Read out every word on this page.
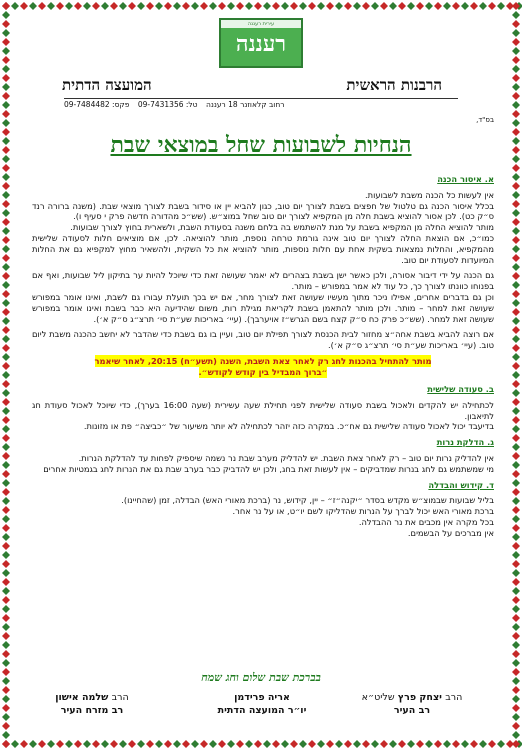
עירית רעננה
רעננה
הרבנות הראשית
המועצה הדתית
רחוב קלאוזנר 18 רעננה טל: 09-7431356 פקס: 09-7484482
בס"ד,
הנחיות לשבועות שחל במוצאי שבת

א. איסור הכנה

אין לעשות כל הכנה משבת לשבועות.

בכלל איסור הכנה גם טלטול של חפצים בשבת לצורך יום טוב, כגון להביא יין או סידור בשבת לצורך מוצאי שבת. (משנה ברורה רנד ס״ק כט). לכן אסור להוציא בשבת חלה מן המקפיא לצורך יום טוב שחל במוצ״ש. (שש״כ מהדורה חדשה פרק י סעיף ו).

מותר להוציא החלה מן המקפיא בשבת על מנת להשתמש בה בלחם משנה בסעודת השבת, ולשארית בחוץ לצורך שבועות.

כמו״כ, אם הוצאת החלה לצורך יום טוב אינה גורמת טרחה נוספת, מותר להוציאה. לכן, אם מוציאים חלות לסעודה שלישית מהמקפיא, והחלות נמצאות בשקית אחת עם חלות נוספות, מותר להוציא את כל השקית, ולהשאיר מחוץ למקפיא גם את החלות המיועדות לסעודת יום טוב.

גם הכנה על ידי דיבור אסורה, ולכן כאשר ישן בשבת בצהרים לא יאמר שעושה זאת כדי שיוכל להיות ער בתיקון ליל שבועות, ואף אם בפנוחו כוונתו לצורך כך, כל עוד לא אמר במפורש – מותר.

וכן גם בדברים אחרים, אפילו ניכר מתוך מעשיו שעושה זאת לצורך מחר, אם יש בכך תועלת עבורו גם לשבת, ואינו אומר במפורש שעושה זאת למחר – מותר. ולכן מותר להתאמן בשבת לקריאת מגילת רות, משום שהידיעה היא כבר בשבת ואינו אומר במפורש שעושה זאת למחר. (שש״כ פרק כח ס״ק קצח בשם הגרש״ז אויערבך). (עיי׳ באריכות שע״ת סי׳ תרצ״ג ס״ק א׳).

אם רוצה להביא בשבת אחה״צ מחזור לבית הכנסת לצורך תפילת יום טוב, ועיין בו גם בשבת כדי שהדבר לא יחשב כהכנה משבת ליום טוב. (עיי׳ באריכות שע״ת סי׳ תרצ״ג ס״ק א׳).

מותר להתחיל בהכנות לחג רק לאחר צאת השבת, השנה (תשע״ח) 20:15, לאחר שיאמר
״ברוך המבדיל בין קודש לקודש״.

ב. סעודה שלישית

לכתחילה יש להקדים ולאכול בשבת סעודה שלישית לפני תחילת שעה עשירית (שעה 16:00 בערך), כדי שיוכל לאכול סעודת חג לתיאבון.

בדיעבד יכול לאכול סעודה שלישית גם אח״כ. במקרה כזה יזהר לכתחילה לא יותר משיעור של ״כביצה״ פת או מזונות.

ג. הדלקת נרות

אין להדליק נרות יום טוב – רק לאחר צאת השבת. יש להדליק מערב שבת נר נשמה שיספיק לפחות עד להדלקת הנרות.

מי שמשתמש גם לחג בנרות שמדביקים – אין לעשות זאת בחג, ולכן יש להדביק כבר בערב שבת גם את הנרות לחג בגמטיות אחרים

ד. קידוש והבדלה

בליל שבועות שבמוצ״ש מקדש בסדר ״יקנה״ז״ – יין, קידוש, נר (ברכת מאורי האש) הבדלה, זמן (שהחיינו).

ברכת מאורי האש יכול לברך על הנרות שהדליקו לשם יו״ט, או על נר אחר.

בכל מקרה אין מכבים את נר ההבדלה.

אין מברכים על הבשמים.

בברכת שבת שלום וחג שמח
הרב יצחק פרץ שליט״א
רב העיר
אריה פרידמן
יו״ר המועצה הדתית
הרב שלמה אישון
רב מזרח העיר
